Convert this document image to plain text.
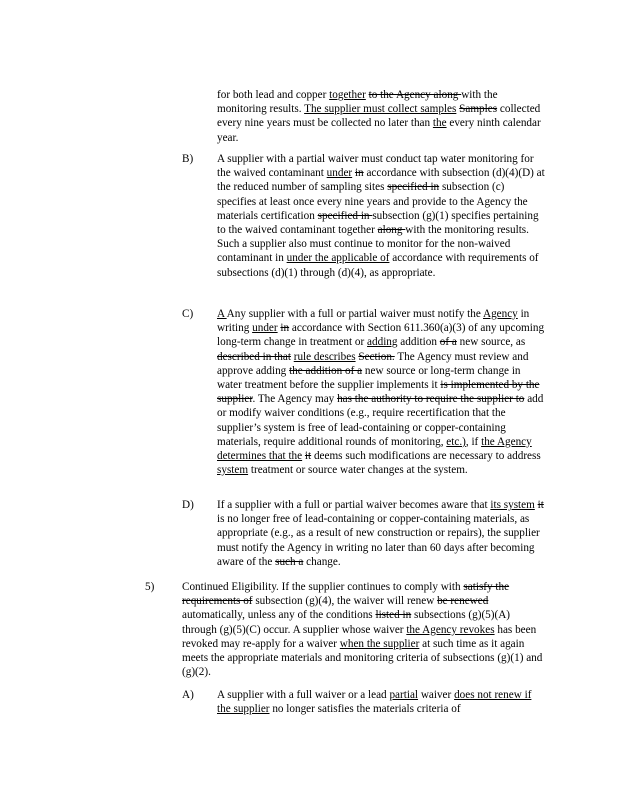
for both lead and copper together to the Agency along with the monitoring results. The supplier must collect samples Samples collected every nine years must be collected no later than the every ninth calendar year.

B) A supplier with a partial waiver must conduct tap water monitoring for the waived contaminant under in accordance with subsection (d)(4)(D) at the reduced number of sampling sites specified in subsection (c) specifies at least once every nine years and provide to the Agency the materials certification specified in subsection (g)(1) specifies pertaining to the waived contaminant together along with the monitoring results. Such a supplier also must continue to monitor for the non-waived contaminant in under the applicable of accordance with requirements of subsections (d)(1) through (d)(4), as appropriate.

C) A Any supplier with a full or partial waiver must notify the Agency in writing under in accordance with Section 611.360(a)(3) of any upcoming long-term change in treatment or adding addition of a new source, as described in that rule describes Section. The Agency must review and approve adding the addition of a new source or long-term change in water treatment before the supplier implements it is implemented by the supplier. The Agency may has the authority to require the supplier to add or modify waiver conditions (e.g., require recertification that the supplier’s system is free of lead-containing or copper-containing materials, require additional rounds of monitoring, etc.), if the Agency determines that the it deems such modifications are necessary to address system treatment or source water changes at the system.

D) If a supplier with a full or partial waiver becomes aware that its system it is no longer free of lead-containing or copper-containing materials, as appropriate (e.g., as a result of new construction or repairs), the supplier must notify the Agency in writing no later than 60 days after becoming aware of the such a change.

5) Continued Eligibility. If the supplier continues to comply with satisfy the requirements of subsection (g)(4), the waiver will renew be renewed automatically, unless any of the conditions listed in subsections (g)(5)(A) through (g)(5)(C) occur. A supplier whose waiver the Agency revokes has been revoked may re-apply for a waiver when the supplier at such time as it again meets the appropriate materials and monitoring criteria of subsections (g)(1) and (g)(2).

A) A supplier with a full waiver or a lead partial waiver does not renew if the supplier no longer satisfies the materials criteria of
